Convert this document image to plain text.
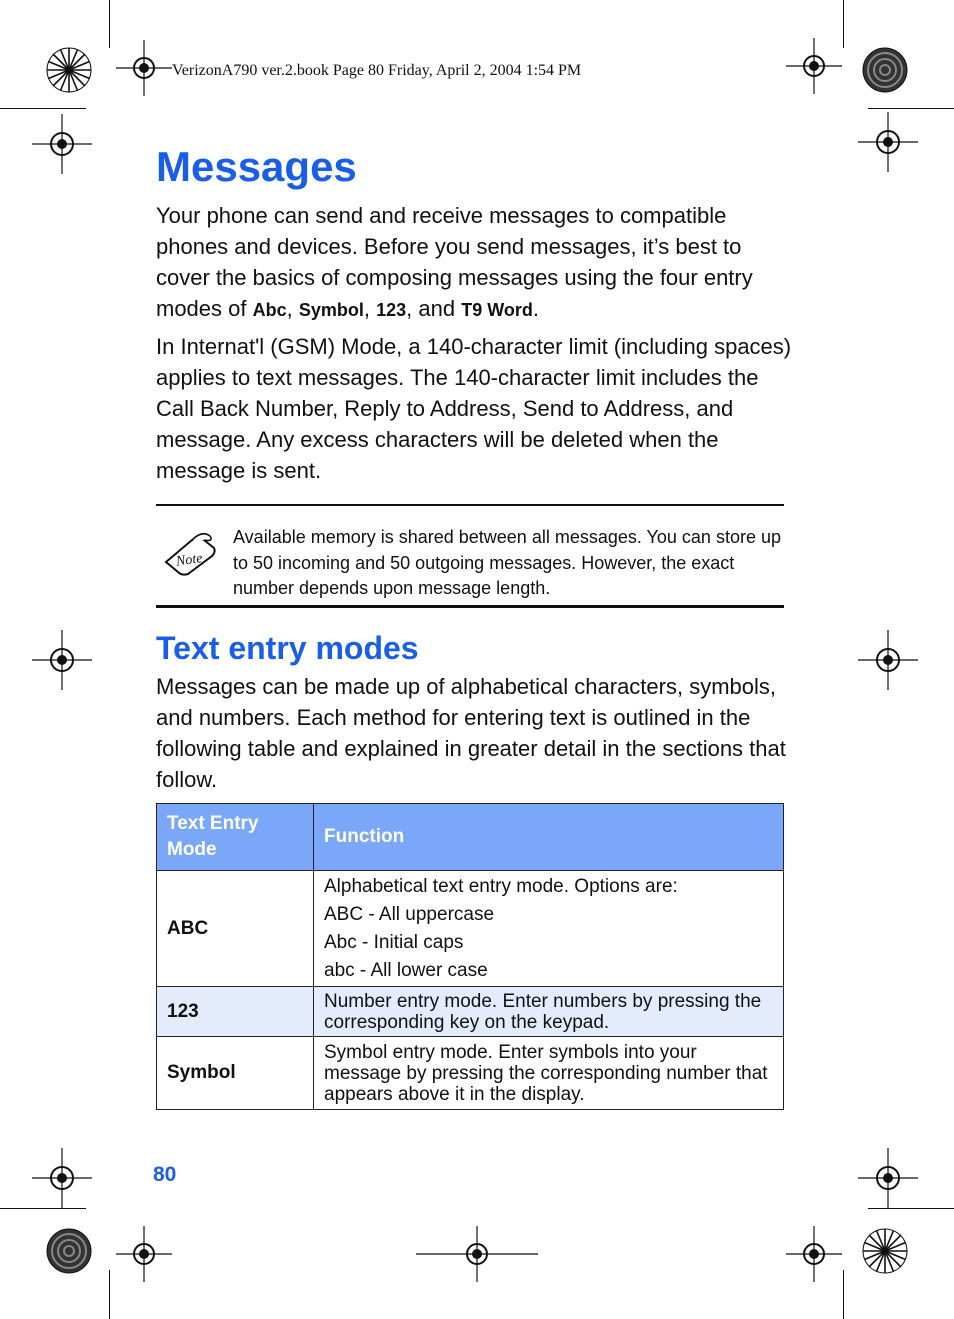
VerizonA790 ver.2.book Page 80 Friday, April 2, 2004 1:54 PM
Messages

Your phone can send and receive messages to compatible phones and devices. Before you send messages, it’s best to cover the basics of composing messages using the four entry modes of Abc, Symbol, 123, and T9 Word.

In Internat'l (GSM) Mode, a 140-character limit (including spaces) applies to text messages. The 140-character limit includes the Call Back Number, Reply to Address, Send to Address, and message. Any excess characters will be deleted when the message is sent.

Note
Available memory is shared between all messages. You can store up to 50 incoming and 50 outgoing messages. However, the exact number depends upon message length.
Text entry modes

Messages can be made up of alphabetical characters, symbols, and numbers. Each method for entering text is outlined in the following table and explained in greater detail in the sections that follow.

Text Entry Mode	Function
ABC	Alphabetical text entry mode. Options are:
ABC - All uppercase
Abc - Initial caps
abc - All lower case

123	Number entry mode. Enter numbers by pressing the corresponding key on the keypad.

Symbol	Symbol entry mode. Enter symbols into your message by pressing the corresponding number that appears above it in the display.
80
